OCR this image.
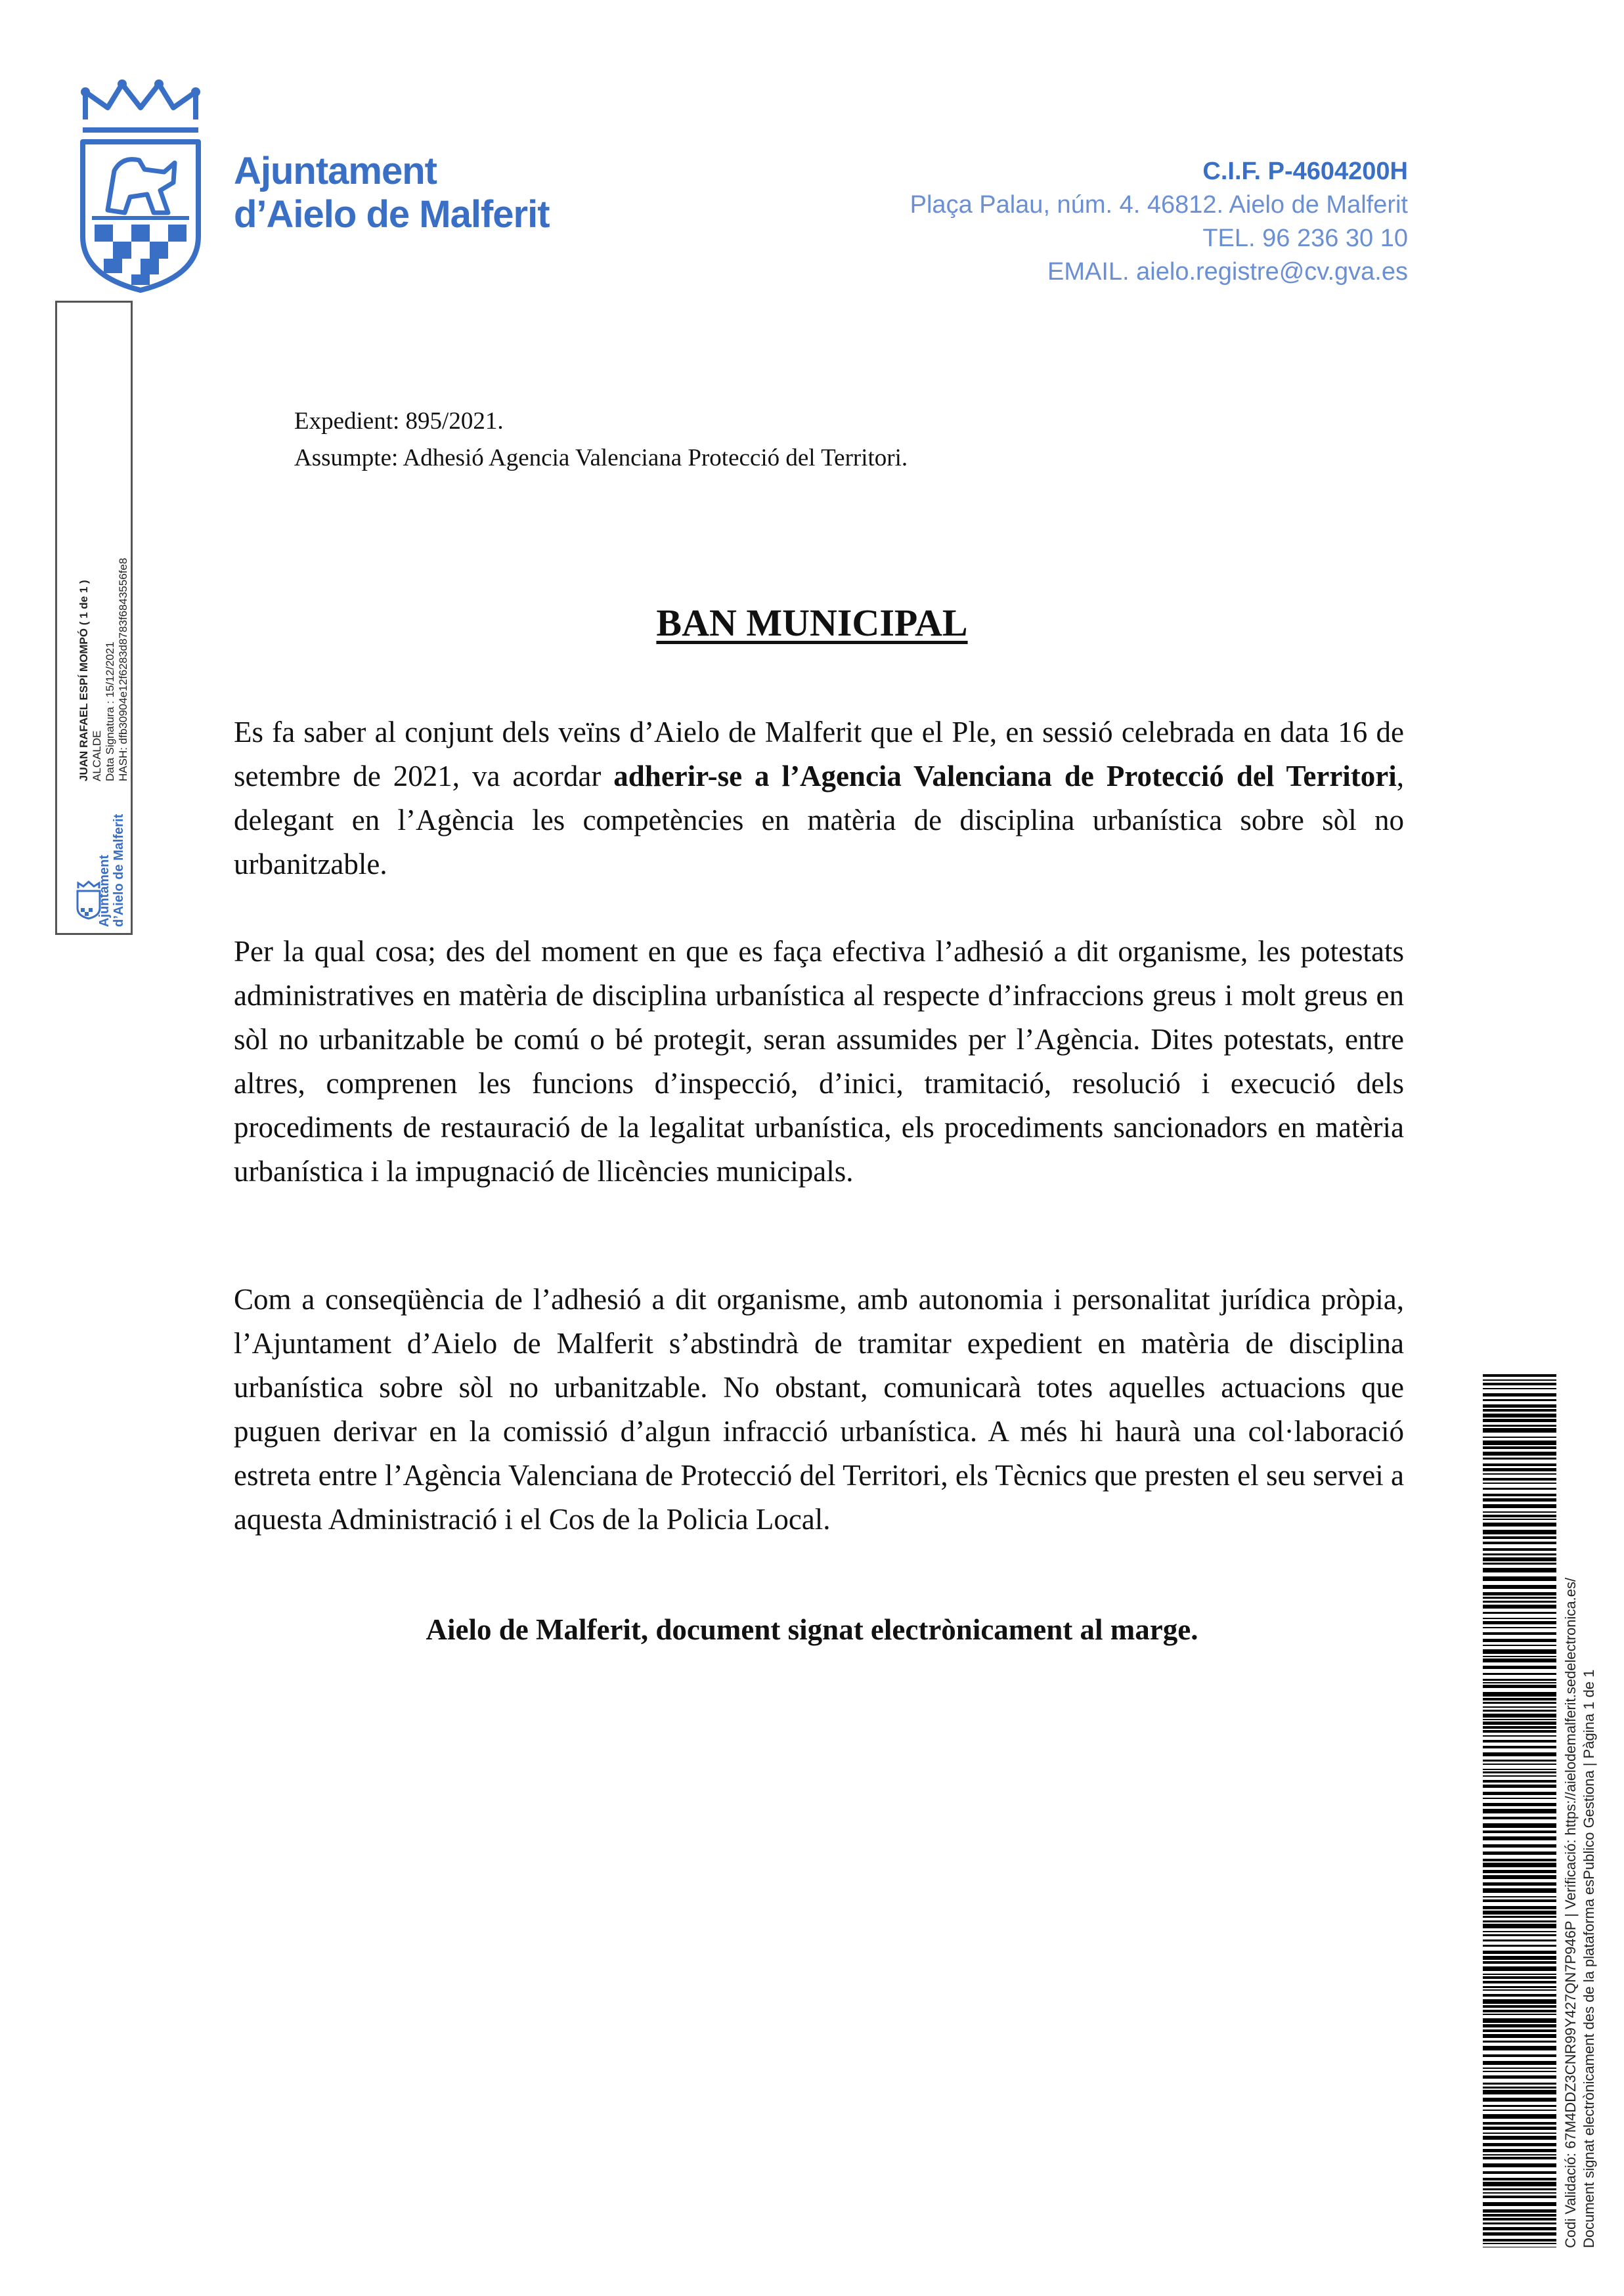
Ajuntament
d’Aielo de Malferit
C.I.F. P-4604200H
Plaça Palau, núm. 4. 46812. Aielo de Malferit
TEL. 96 236 30 10
EMAIL. aielo.registre@cv.gva.es
Ajuntament d’Aielo de Malferit
JUAN RAFAEL ESPÍ MOMPÓ ( 1 de 1 ) ALCALDE Data Signatura : 15/12/2021 HASH: dfb30904e12f6283d8783f6843556fe8
Expedient: 895/2021.
Assumpte: Adhesió Agencia Valenciana Protecció del Territori.
BAN MUNICIPAL
Es fa saber al conjunt dels veïns d’Aielo de Malferit que el Ple, en sessió celebrada en data 16 de setembre de 2021, va acordar adherir-se a l’Agencia Valenciana de Protecció del Territori, delegant en l’Agència les competències en matèria de disciplina urbanística sobre sòl no urbanitzable.
Per la qual cosa; des del moment en que es faça efectiva l’adhesió a dit organisme, les potestats administratives en matèria de disciplina urbanística al respecte d’infraccions greus i molt greus en sòl no urbanitzable be comú o bé protegit, seran assumides per l’Agència. Dites potestats, entre altres, comprenen les funcions d’inspecció, d’inici, tramitació, resolució i execució dels procediments de restauració de la legalitat urbanística, els procediments sancionadors en matèria urbanística i la impugnació de llicències municipals.
Com a conseqüència de l’adhesió a dit organisme, amb autonomia i personalitat jurídica pròpia, l’Ajuntament d’Aielo de Malferit s’abstindrà de tramitar expedient en matèria de disciplina urbanística sobre sòl no urbanitzable. No obstant, comunicarà totes aquelles actuacions que puguen derivar en la comissió d’algun infracció urbanística. A més hi haurà una col·laboració estreta entre l’Agència Valenciana de Protecció del Territori, els Tècnics que presten el seu servei a aquesta Administració i el Cos de la Policia Local.
Aielo de Malferit, document signat electrònicament al marge.	Codi Validació: 67M4DDZ3CNR99Y427QN7P946P | Verificació: https://aielodemalferit.sedelectronica.es/ Document signat electrònicament des de la plataforma esPublico Gestiona | Pàgina 1 de 1
